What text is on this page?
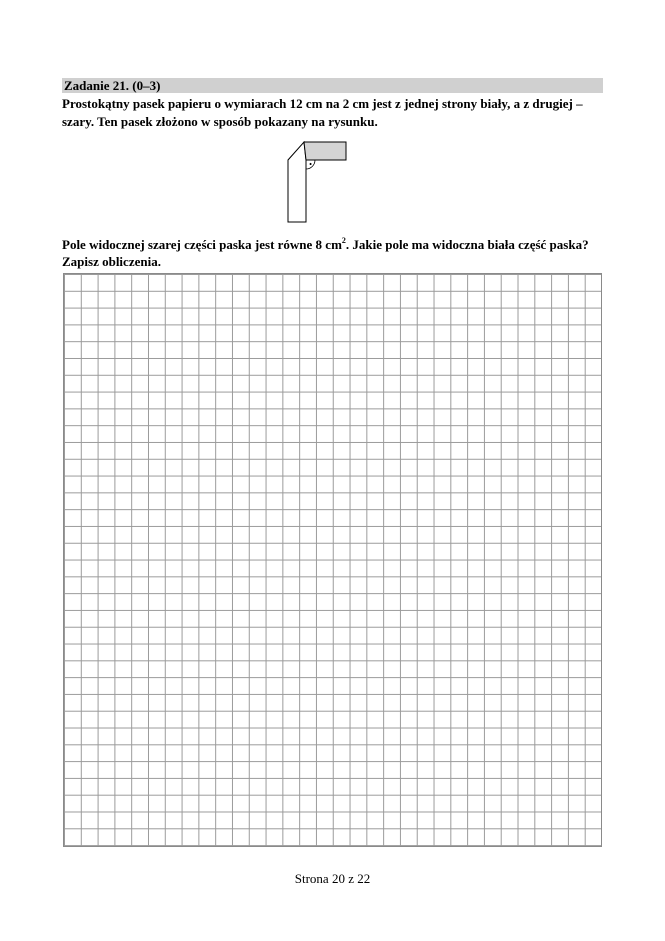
Zadanie 21. (0–3)
Prostokątny pasek papieru o wymiarach 12 cm na 2 cm jest z jednej strony biały, a z drugiej – szary. Ten pasek złożono w sposób pokazany na rysunku.
•
Pole widocznej szarej części paska jest równe 8 $cm^2$. Jakie pole ma widoczna biała część paska? Zapisz obliczenia.
Strona 20 z 22
